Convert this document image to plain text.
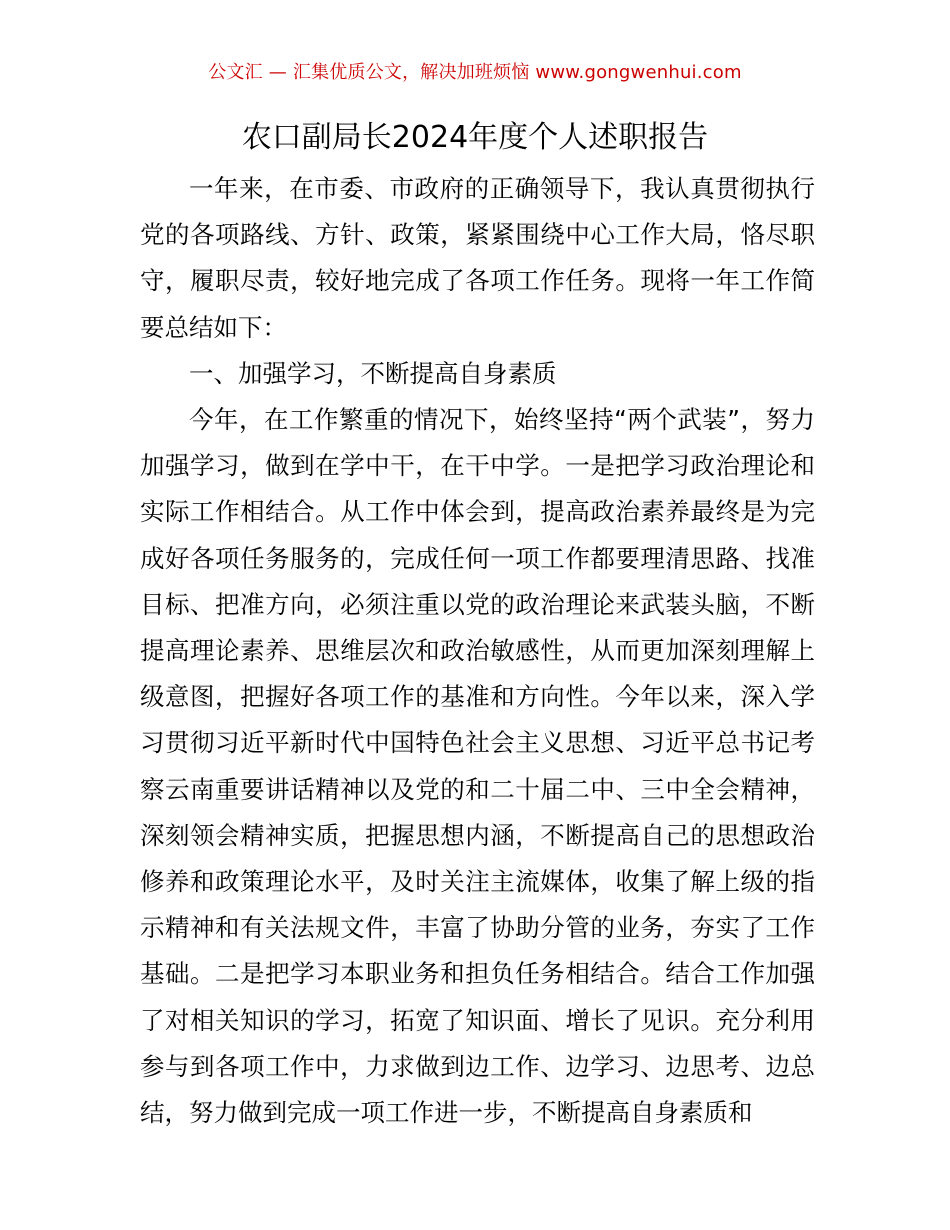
公文汇 — 汇集优质公文，解决加班烦恼 www.gongwenhui.com
农口副局长2024年度个人述职报告

一年来，在市委、市政府的正确领导下，我认真贯彻执行党的各项路线、方针、政策，紧紧围绕中心工作大局，恪尽职守，履职尽责，较好地完成了各项工作任务。现将一年工作简要总结如下：

一、加强学习，不断提高自身素质

今年，在工作繁重的情况下，始终坚持“两个武装”，努力加强学习，做到在学中干，在干中学。一是把学习政治理论和实际工作相结合。从工作中体会到，提高政治素养最终是为完成好各项任务服务的，完成任何一项工作都要理清思路、找准目标、把准方向，必须注重以党的政治理论来武装头脑，不断提高理论素养、思维层次和政治敏感性，从而更加深刻理解上级意图，把握好各项工作的基准和方向性。今年以来，深入学习贯彻习近平新时代中国特色社会主义思想、习近平总书记考察云南重要讲话精神以及党的和二十届二中、三中全会精神，深刻领会精神实质，把握思想内涵，不断提高自己的思想政治修养和政策理论水平，及时关注主流媒体，收集了解上级的指示精神和有关法规文件，丰富了协助分管的业务，夯实了工作基础。二是把学习本职业务和担负任务相结合。结合工作加强了对相关知识的学习，拓宽了知识面、增长了见识。充分利用参与到各项工作中，力求做到边工作、边学习、边思考、边总结，努力做到完成一项工作进一步，不断提高自身素质和
